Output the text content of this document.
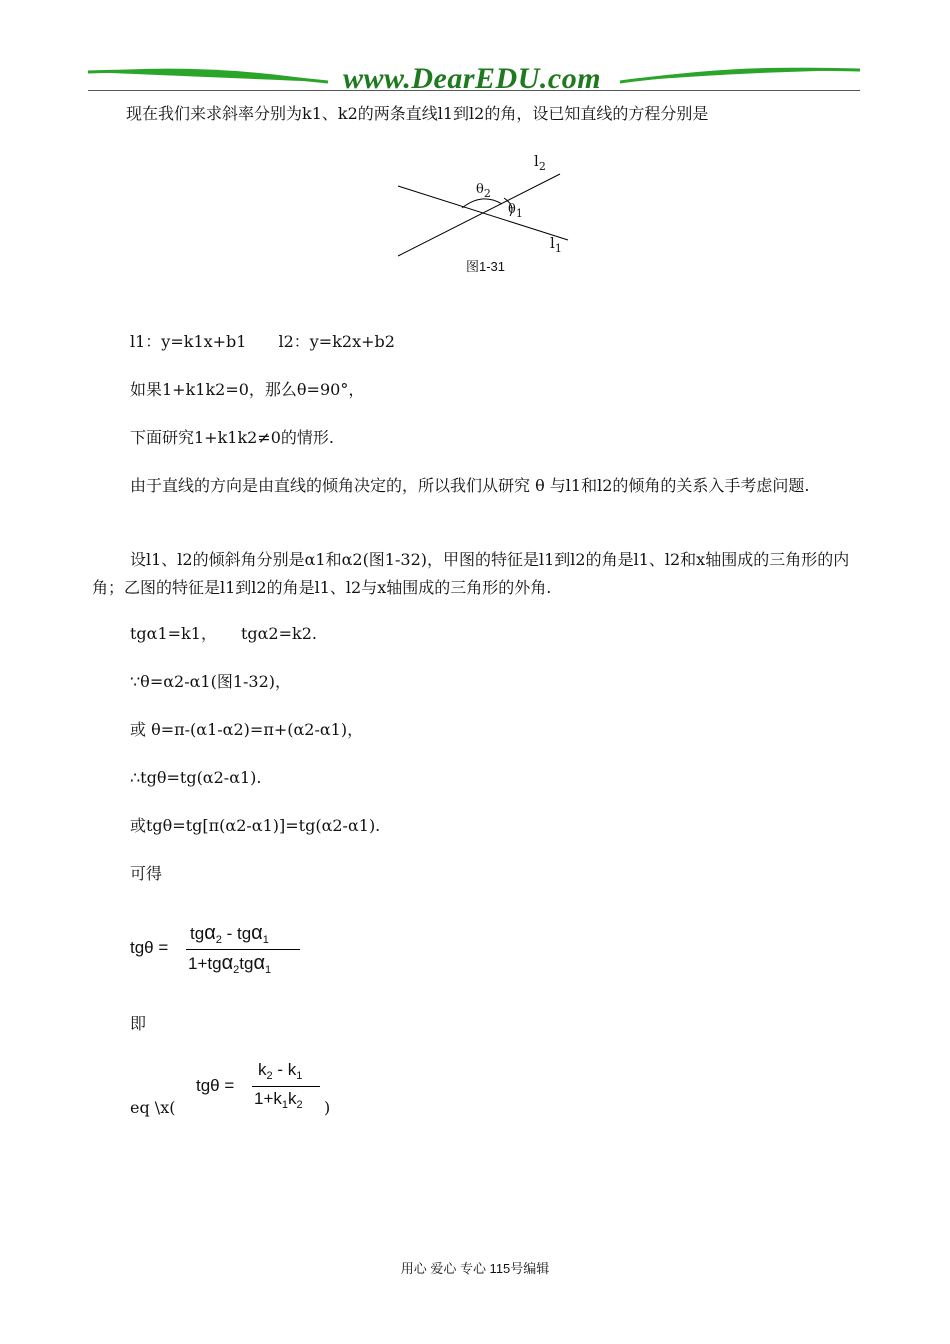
www.DearEDU.com
现在我们来求斜率分别为k1、k2的两条直线l1到l2的角，设已知直线的方程分别是
$l_2$
$l_1$
$\theta_2$
$\theta_1$
图1-31
l1：y=k1x+b1　　l2：y=k2x+b2
如果1+k1k2=0，那么θ=90°，
下面研究1+k1k2≠0的情形.
由于直线的方向是由直线的倾角决定的，所以我们从研究 θ 与l1和l2的倾角的关系入手考虑问题.
设l1、l2的倾斜角分别是α1和α2(图1-32)，甲图的特征是l1到l2的角是l1、l2和x轴围成的三角形的内角；乙图的特征是l1到l2的角是l1、l2与x轴围成的三角形的外角.
tgα1=k1，　　tgα2=k2.
∵θ=α2-α1(图1-32)，
或 θ=π-(α1-α2)=π+(α2-α1)，
∴tgθ=tg(α2-α1).
或tgθ=tg[π(α2-α1)]=tg(α2-α1).
可得
tgθ =
tgα$_2$ - tgα$_1$
1+tgα$_2$tgα$_1$
即
eq \x(
tgθ =
$k_2 - k_1$
$1+k_1k_2$ )
用心 爱心 专心 115号编辑
